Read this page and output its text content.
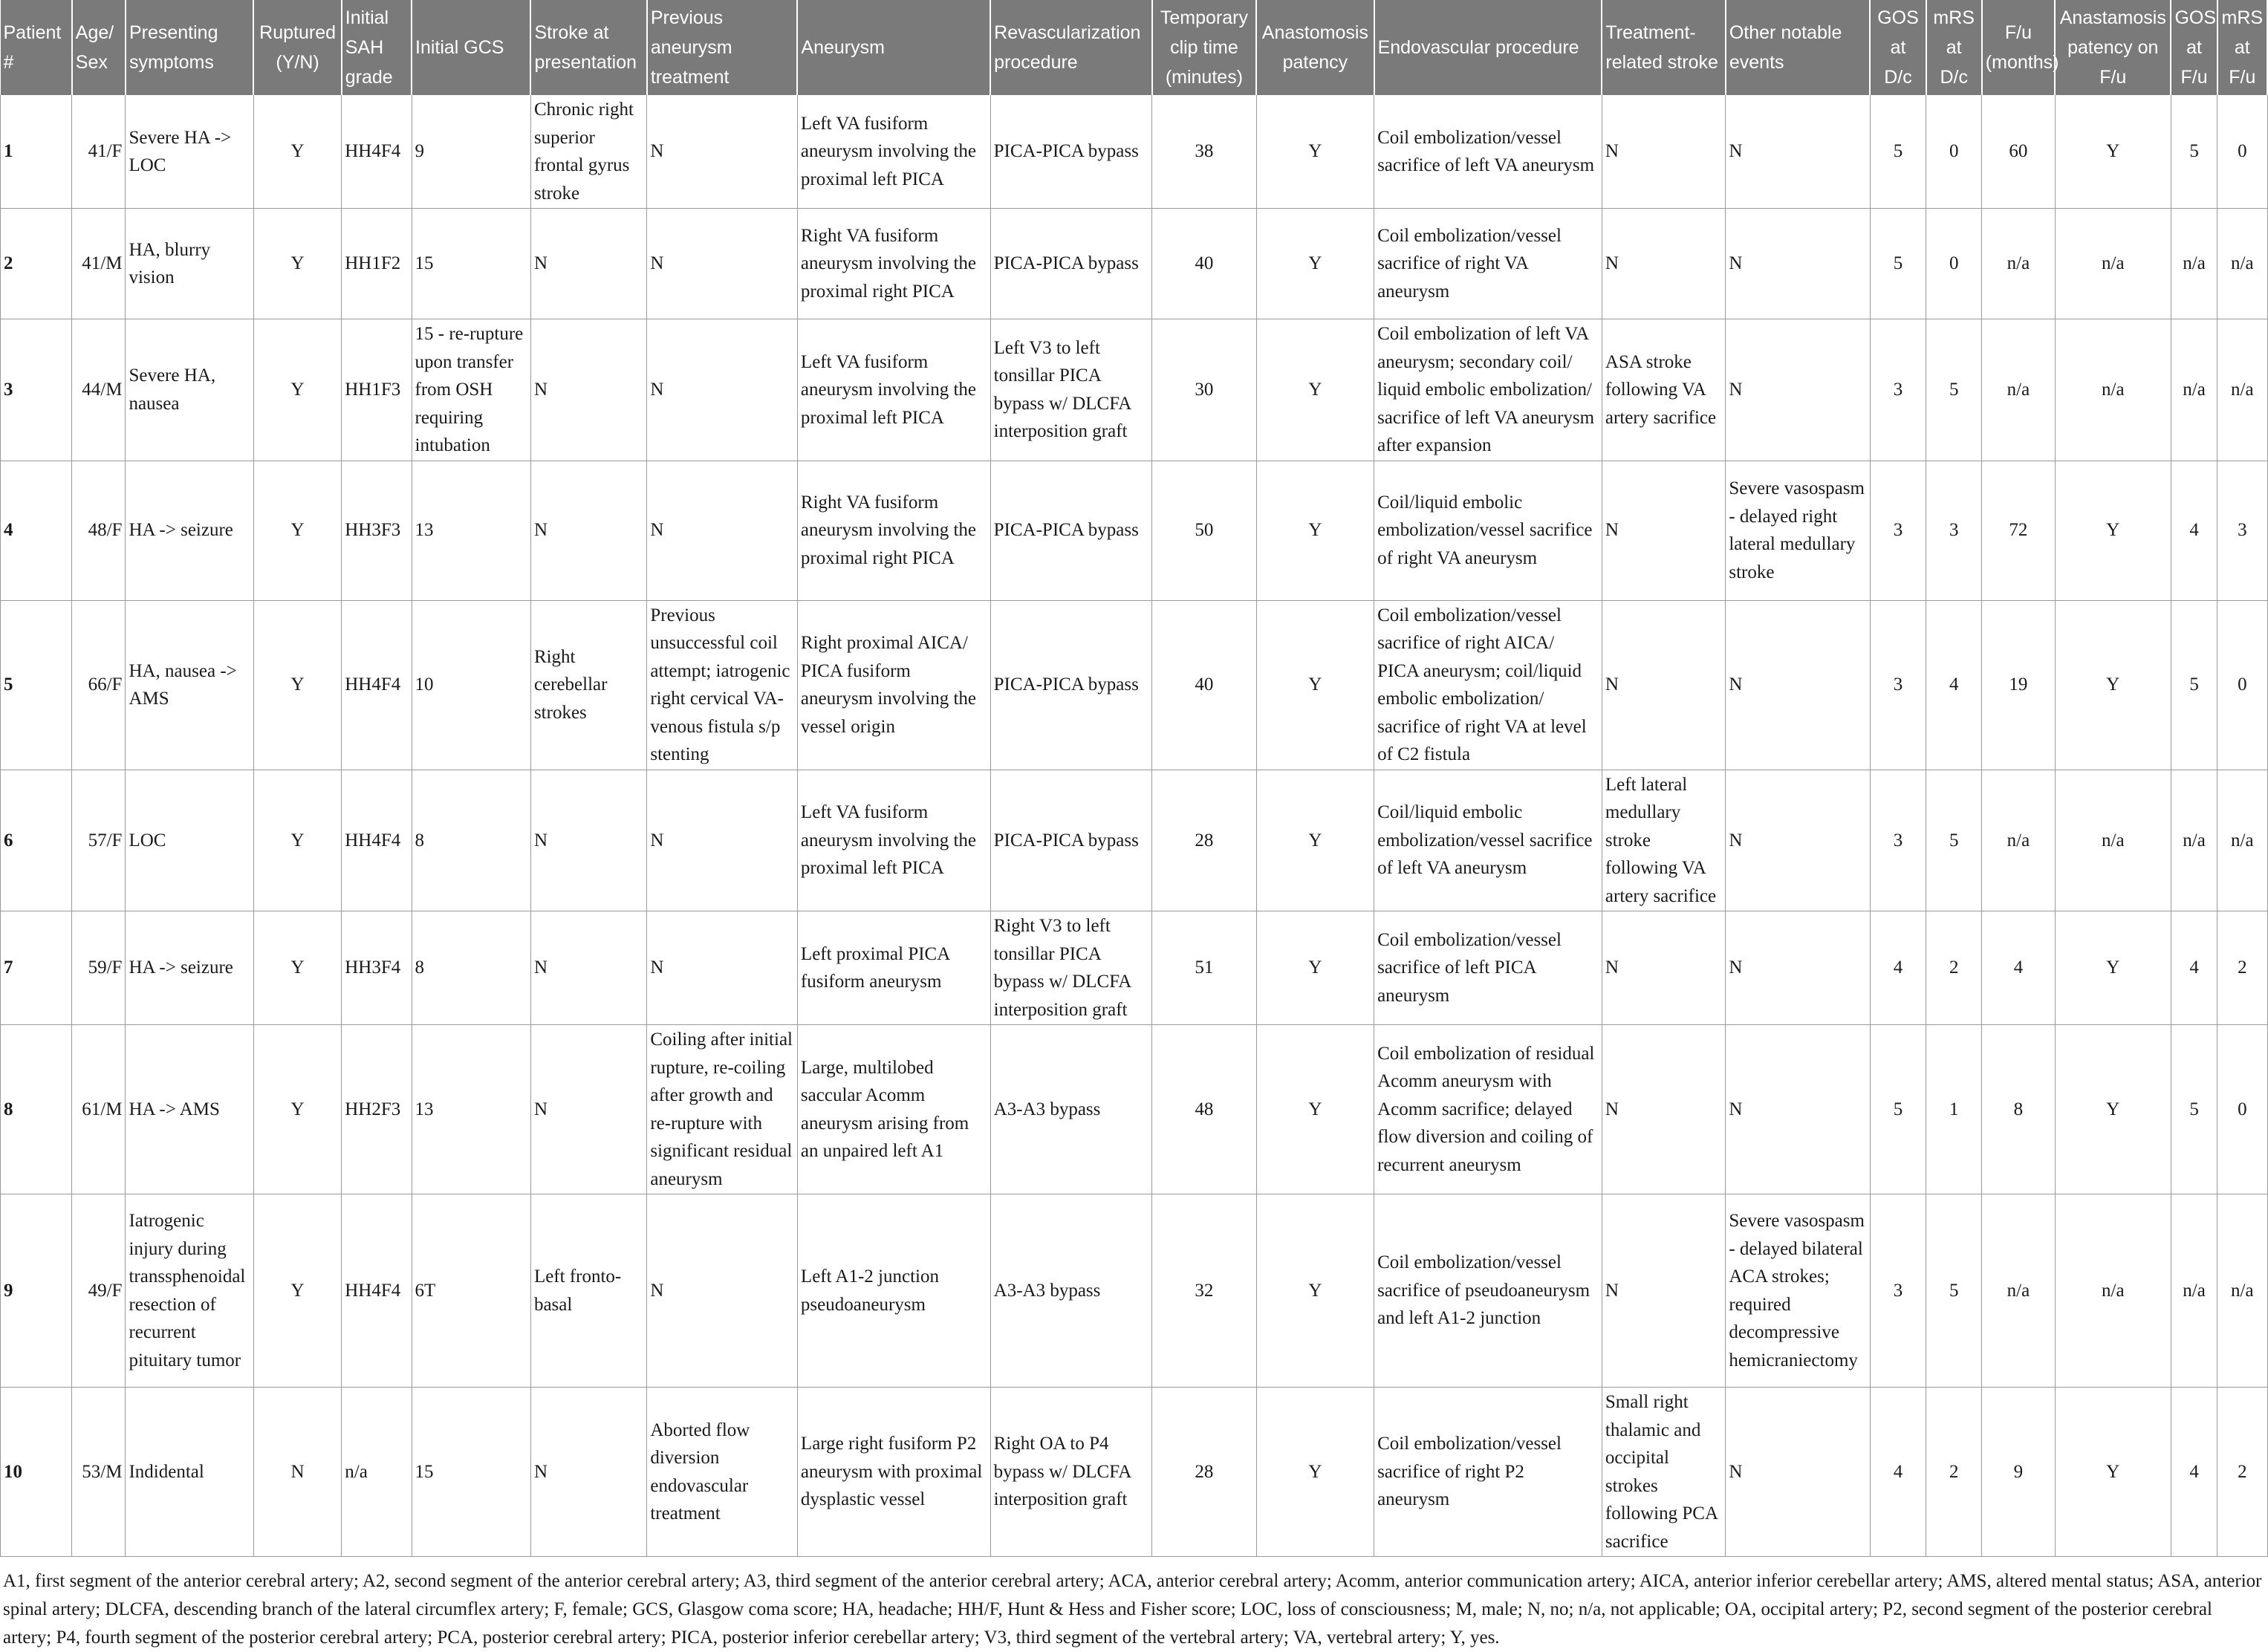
Patient #	Age/ Sex	Presenting symptoms	Ruptured (Y/N)	Initial SAH grade	Initial GCS	Stroke at presentation	Previous aneurysm treatment	Aneurysm	Revascularization procedure	Temporary clip time (minutes)	Anastomosis patency	Endovascular procedure	Treatment-related stroke	Other notable events	GOS at D/c	mRS at D/c	F/u (months)	Anastamosis patency on F/u	GOS at F/u	mRS at F/u
1	41/F	Severe HA -> LOC	Y	HH4F4	9	Chronic right superior frontal gyrus stroke	N	Left VA fusiform aneurysm involving the proximal left PICA	PICA-PICA bypass	38	Y	Coil embolization/vessel sacrifice of left VA aneurysm	N	N	5	0	60	Y	5	0
2	41/M	HA, blurry vision	Y	HH1F2	15	N	N	Right VA fusiform aneurysm involving the proximal right PICA	PICA-PICA bypass	40	Y	Coil embolization/vessel sacrifice of right VA aneurysm	N	N	5	0	n/a	n/a	n/a	n/a
3	44/M	Severe HA, nausea	Y	HH1F3	15 - re-rupture upon transfer from OSH requiring intubation	N	N	Left VA fusiform aneurysm involving the proximal left PICA	Left V3 to left tonsillar PICA bypass w/ DLCFA interposition graft	30	Y	Coil embolization of left VA aneurysm; secondary coil/ liquid embolic embolization/ sacrifice of left VA aneurysm after expansion	ASA stroke following VA artery sacrifice	N	3	5	n/a	n/a	n/a	n/a
4	48/F	HA -> seizure	Y	HH3F3	13	N	N	Right VA fusiform aneurysm involving the proximal right PICA	PICA-PICA bypass	50	Y	Coil/liquid embolic embolization/vessel sacrifice of right VA aneurysm	N	Severe vasospasm - delayed right lateral medullary stroke	3	3	72	Y	4	3
5	66/F	HA, nausea -> AMS	Y	HH4F4	10	Right cerebellar strokes	Previous unsuccessful coil attempt; iatrogenic right cervical VA-venous fistula s/p stenting	Right proximal AICA/ PICA fusiform aneurysm involving the vessel origin	PICA-PICA bypass	40	Y	Coil embolization/vessel sacrifice of right AICA/ PICA aneurysm; coil/liquid embolic embolization/ sacrifice of right VA at level of C2 fistula	N	N	3	4	19	Y	5	0
6	57/F	LOC	Y	HH4F4	8	N	N	Left VA fusiform aneurysm involving the proximal left PICA	PICA-PICA bypass	28	Y	Coil/liquid embolic embolization/vessel sacrifice of left VA aneurysm	Left lateral medullary stroke following VA artery sacrifice	N	3	5	n/a	n/a	n/a	n/a
7	59/F	HA -> seizure	Y	HH3F4	8	N	N	Left proximal PICA fusiform aneurysm	Right V3 to left tonsillar PICA bypass w/ DLCFA interposition graft	51	Y	Coil embolization/vessel sacrifice of left PICA aneurysm	N	N	4	2	4	Y	4	2
8	61/M	HA -> AMS	Y	HH2F3	13	N	Coiling after initial rupture, re-coiling after growth and re-rupture with significant residual aneurysm	Large, multilobed saccular Acomm aneurysm arising from an unpaired left A1	A3-A3 bypass	48	Y	Coil embolization of residual Acomm aneurysm with Acomm sacrifice; delayed flow diversion and coiling of recurrent aneurysm	N	N	5	1	8	Y	5	0
9	49/F	Iatrogenic injury during transsphenoidal resection of recurrent pituitary tumor	Y	HH4F4	6T	Left fronto-basal	N	Left A1-2 junction pseudoaneurysm	A3-A3 bypass	32	Y	Coil embolization/vessel sacrifice of pseudoaneurysm and left A1-2 junction	N	Severe vasospasm - delayed bilateral ACA strokes; required decompressive hemicraniectomy	3	5	n/a	n/a	n/a	n/a
10	53/M	Indidental	N	n/a	15	N	Aborted flow diversion endovascular treatment	Large right fusiform P2 aneurysm with proximal dysplastic vessel	Right OA to P4 bypass w/ DLCFA interposition graft	28	Y	Coil embolization/vessel sacrifice of right P2 aneurysm	Small right thalamic and occipital strokes following PCA sacrifice	N	4	2	9	Y	4	2
A1, first segment of the anterior cerebral artery; A2, second segment of the anterior cerebral artery; A3, third segment of the anterior cerebral artery; ACA, anterior cerebral artery; Acomm, anterior communication artery; AICA, anterior inferior cerebellar artery; AMS, altered mental status; ASA, anterior spinal artery; DLCFA, descending branch of the lateral circumflex artery; F, female; GCS, Glasgow coma score; HA, headache; HH/F, Hunt & Hess and Fisher score; LOC, loss of consciousness; M, male; N, no; n/a, not applicable; OA, occipital artery; P2, second segment of the posterior cerebral artery; P4, fourth segment of the posterior cerebral artery; PCA, posterior cerebral artery; PICA, posterior inferior cerebellar artery; V3, third segment of the vertebral artery; VA, vertebral artery; Y, yes.
